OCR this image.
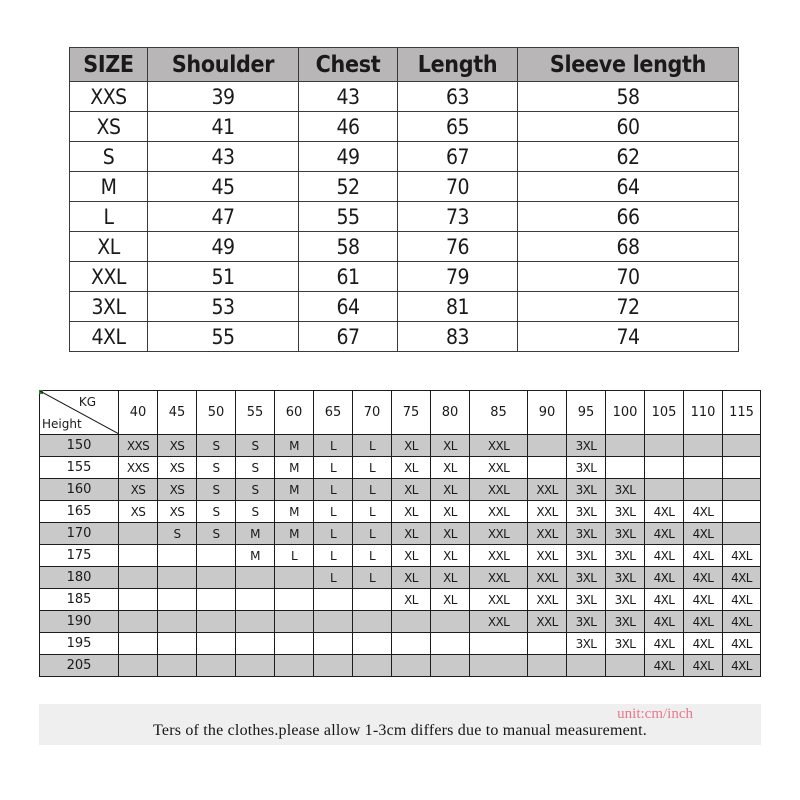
SIZE	Shoulder	Chest	Length	Sleeve length
XXS	39	43	63	58
XS	41	46	65	60
S	43	49	67	62
M	45	52	70	64
L	47	55	73	66
XL	49	58	76	68
XXL	51	61	79	70
3XL	53	64	81	72
4XL	55	67	83	74
KG
Height	40	45	50	55	60	65	70	75	80	85	90	95	100	105	110	115
150	XXS	XS	S	S	M	L	L	XL	XL	XXL		3XL				
155	XXS	XS	S	S	M	L	L	XL	XL	XXL		3XL				
160	XS	XS	S	S	M	L	L	XL	XL	XXL	XXL	3XL	3XL			
165	XS	XS	S	S	M	L	L	XL	XL	XXL	XXL	3XL	3XL	4XL	4XL	
170		S	S	M	M	L	L	XL	XL	XXL	XXL	3XL	3XL	4XL	4XL	
175				M	L	L	L	XL	XL	XXL	XXL	3XL	3XL	4XL	4XL	4XL
180						L	L	XL	XL	XXL	XXL	3XL	3XL	4XL	4XL	4XL
185								XL	XL	XXL	XXL	3XL	3XL	4XL	4XL	4XL
190										XXL	XXL	3XL	3XL	4XL	4XL	4XL
195												3XL	3XL	4XL	4XL	4XL
205														4XL	4XL	4XL
unit:cm/inch
Ters of the clothes.please allow 1-3cm differs due to manual measurement.
